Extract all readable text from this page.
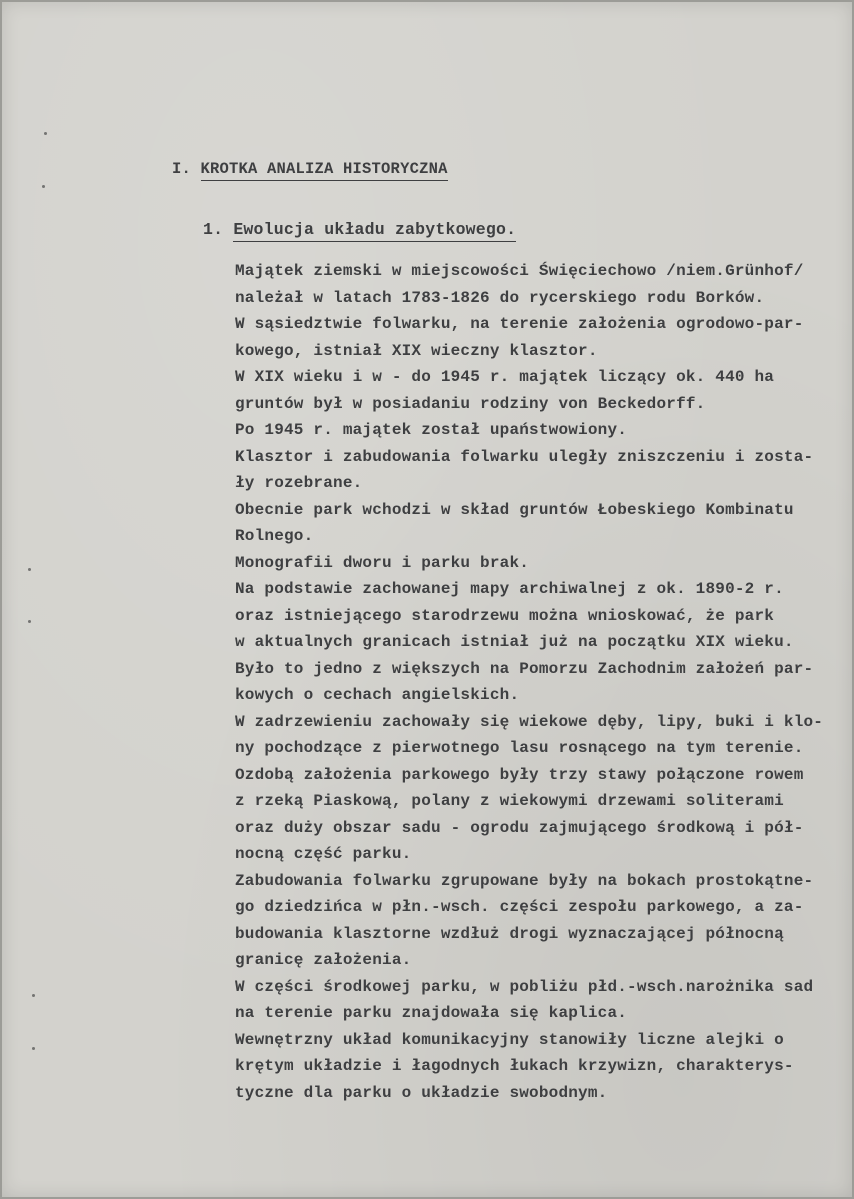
I. KROTKA ANALIZA HISTORYCZNA
1. Ewolucja układu zabytkowego.
Majątek ziemski w miejscowości Święciechowo /niem.Grünhof/
należał w latach 1783-1826 do rycerskiego rodu Borków.
W sąsiedztwie folwarku, na terenie założenia ogrodowo-par-
kowego, istniał XIX wieczny klasztor.
W XIX wieku i w - do 1945 r. majątek liczący ok. 440 ha
gruntów był w posiadaniu rodziny von Beckedorff.
Po 1945 r. majątek został upaństwowiony.
Klasztor i zabudowania folwarku uległy zniszczeniu i zosta-
ły rozebrane.
Obecnie park wchodzi w skład gruntów Łobeskiego Kombinatu
Rolnego.
Monografii dworu i parku brak.
Na podstawie zachowanej mapy archiwalnej z ok. 1890-2 r.
oraz istniejącego starodrzewu można wnioskować, że park
w aktualnych granicach istniał już na początku XIX wieku.
Było to jedno z większych na Pomorzu Zachodnim założeń par-
kowych o cechach angielskich.
W zadrzewieniu zachowały się wiekowe dęby, lipy, buki i klo-
ny pochodzące z pierwotnego lasu rosnącego na tym terenie.
Ozdobą założenia parkowego były trzy stawy połączone rowem
z rzeką Piaskową, polany z wiekowymi drzewami soliterami
oraz duży obszar sadu - ogrodu zajmującego środkową i pół-
nocną część parku.
Zabudowania folwarku zgrupowane były na bokach prostokątne-
go dziedzińca w płn.-wsch. części zespołu parkowego, a za-
budowania klasztorne wzdłuż drogi wyznaczającej północną
granicę założenia.
W części środkowej parku, w pobliżu płd.-wsch.narożnika sad
na terenie parku znajdowała się kaplica.
Wewnętrzny układ komunikacyjny stanowiły liczne alejki o
krętym układzie i łagodnych łukach krzywizn, charakterys-
tyczne dla parku o układzie swobodnym.
